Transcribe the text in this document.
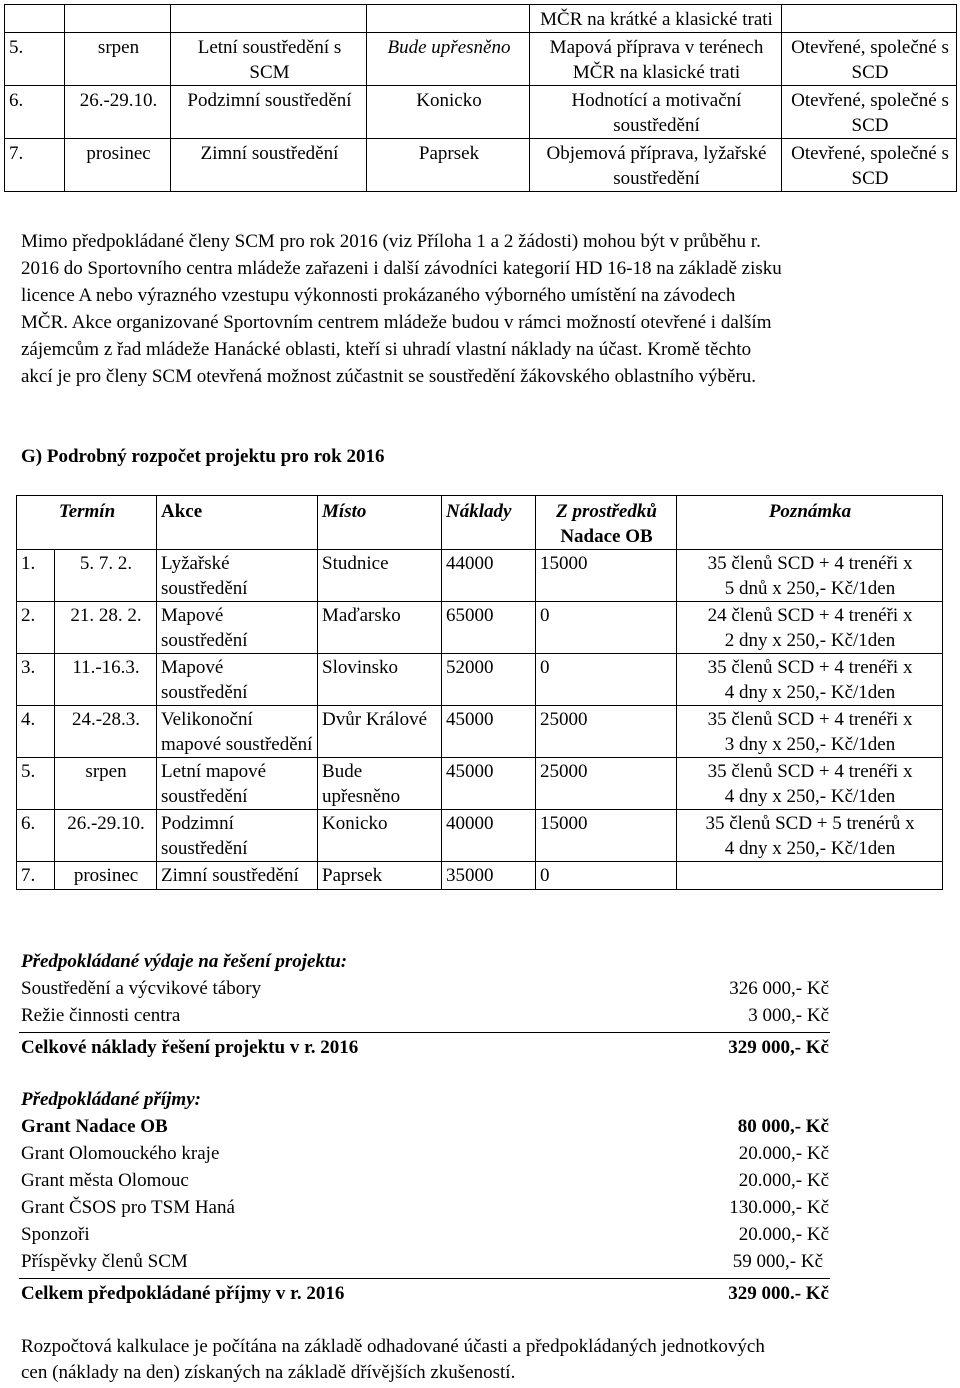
				MČR na krátké a klasické trati	
5.	srpen	Letní soustředění s SCM	Bude upřesněno	Mapová příprava v terénech MČR na klasické trati	Otevřené, společné s SCD
6.	26.-29.10.	Podzimní soustředění	Konicko	Hodnotící a motivační soustředění	Otevřené, společné s SCD
7.	prosinec	Zimní soustředění	Paprsek	Objemová příprava, lyžařské soustředění	Otevřené, společné s SCD
Mimo předpokládané členy SCM pro rok 2016 (viz Příloha 1 a 2 žádosti) mohou být v průběhu r.
2016 do Sportovního centra mládeže zařazeni i další závodníci kategorií HD 16-18 na základě zisku
licence A nebo výrazného vzestupu výkonnosti prokázaného výborného umístění na závodech
MČR. Akce organizované Sportovním centrem mládeže budou v rámci možností otevřené i dalším
zájemcům z řad mládeže Hanácké oblasti, kteří si uhradí vlastní náklady na účast. Kromě těchto
akcí je pro členy SCM otevřená možnost zúčastnit se soustředění žákovského oblastního výběru.
G) Podrobný rozpočet projektu pro rok 2016
Termín		Akce	Místo	Náklady	Z prostředků
Nadace OB	Poznámka
1.	5. 7. 2.	Lyžařské soustředění	Studnice	44000	15000	35 členů SCD + 4 trenéři x
5 dnů x 250,- Kč/1den

2.	21. 28. 2.	Mapové soustředění	Maďarsko	65000	0	24 členů SCD + 4 trenéři x
2 dny x 250,- Kč/1den

3.	11.-16.3.	Mapové soustředění	Slovinsko	52000	0	35 členů SCD + 4 trenéři x
4 dny x 250,- Kč/1den

4.	24.-28.3.	Velikonoční mapové soustředění	Dvůr Králové	45000	25000	35 členů SCD + 4 trenéři x
3 dny x 250,- Kč/1den

5.	srpen	Letní mapové soustředění	Bude upřesněno	45000	25000	35 členů SCD + 4 trenéři x
4 dny x 250,- Kč/1den

6.	26.-29.10.	Podzimní soustředění	Konicko	40000	15000	35 členů SCD + 5 trenérů x
4 dny x 250,- Kč/1den

7.	prosinec	Zimní soustředění	Paprsek	35000	0	
Předpokládané výdaje na řešení projektu:
Soustředění a výcvikové tábory	326 000,- Kč
Režie činnosti centra	3 000,- Kč
Celkové náklady řešení projektu v r. 2016	329 000,- Kč
Předpokládané příjmy:
Grant Nadace OB	80 000,- Kč
Grant Olomouckého kraje	20.000,- Kč
Grant města Olomouc	20.000,- Kč
Grant ČSOS pro TSM Haná	130.000,- Kč
Sponzoři	20.000,- Kč
Příspěvky členů SCM	59 000,- Kč
Celkem předpokládané příjmy v r. 2016	329 000.- Kč
Rozpočtová kalkulace je počítána na základě odhadované účasti a předpokládaných jednotkových
cen (náklady na den) získaných na základě dřívějších zkušeností.
